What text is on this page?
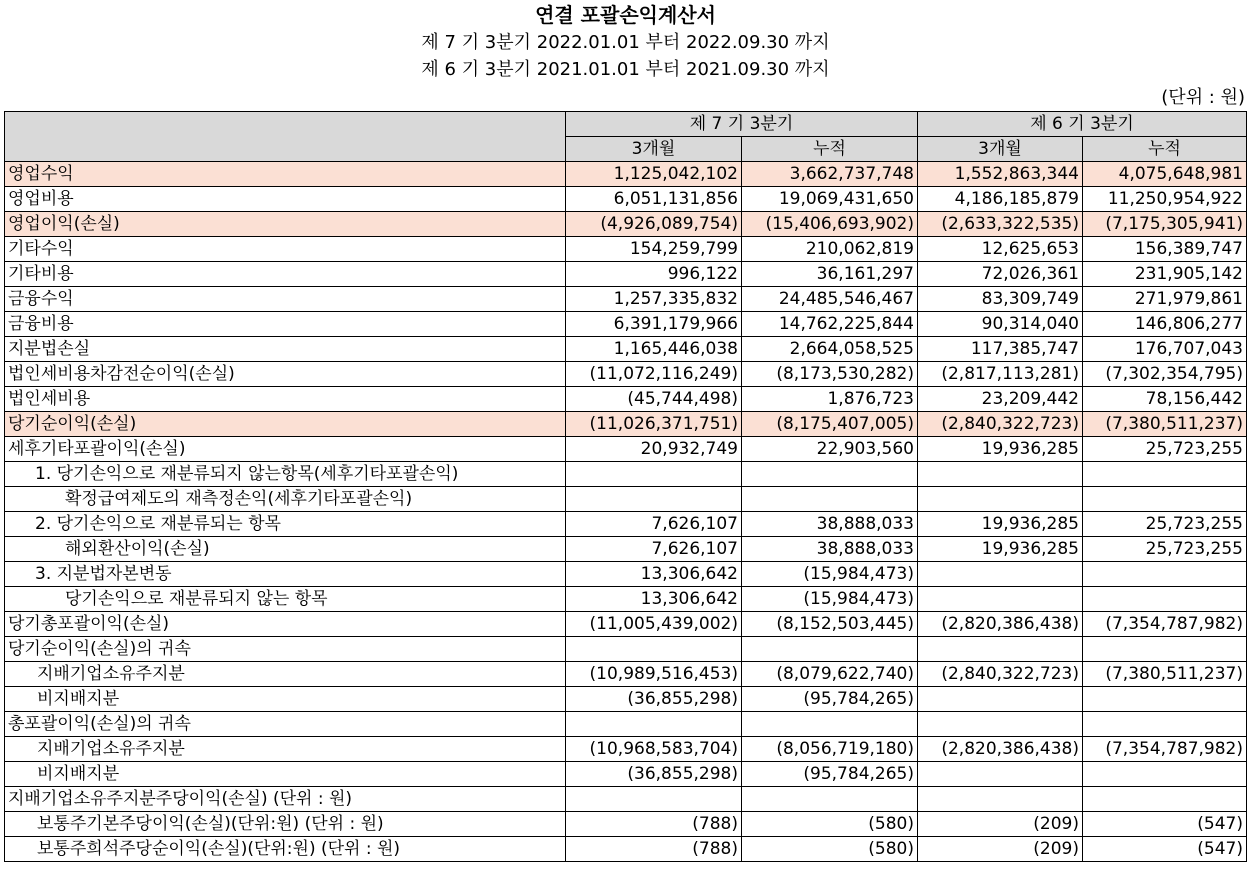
연결 포괄손익계산서
제 7 기 3분기 2022.01.01 부터 2022.09.30 까지
제 6 기 3분기 2021.01.01 부터 2021.09.30 까지
(단위 : 원)
	제 7 기 3분기		제 6 기 3분기	
	3개월	누적	3개월	누적
영업수익	1,125,042,102	3,662,737,748	1,552,863,344	4,075,648,981
영업비용	6,051,131,856	19,069,431,650	4,186,185,879	11,250,954,922
영업이익(손실)	(4,926,089,754)	(15,406,693,902)	(2,633,322,535)	(7,175,305,941)
기타수익	154,259,799	210,062,819	12,625,653	156,389,747
기타비용	996,122	36,161,297	72,026,361	231,905,142
금융수익	1,257,335,832	24,485,546,467	83,309,749	271,979,861
금융비용	6,391,179,966	14,762,225,844	90,314,040	146,806,277
지분법손실	1,165,446,038	2,664,058,525	117,385,747	176,707,043
법인세비용차감전순이익(손실)	(11,072,116,249)	(8,173,530,282)	(2,817,113,281)	(7,302,354,795)
법인세비용	(45,744,498)	1,876,723	23,209,442	78,156,442
당기순이익(손실)	(11,026,371,751)	(8,175,407,005)	(2,840,322,723)	(7,380,511,237)
세후기타포괄이익(손실)	20,932,749	22,903,560	19,936,285	25,723,255
1. 당기손익으로 재분류되지 않는항목(세후기타포괄손익)				
확정급여제도의 재측정손익(세후기타포괄손익)				
2. 당기손익으로 재분류되는 항목	7,626,107	38,888,033	19,936,285	25,723,255
해외환산이익(손실)	7,626,107	38,888,033	19,936,285	25,723,255
3. 지분법자본변동	13,306,642	(15,984,473)		
당기손익으로 재분류되지 않는 항목	13,306,642	(15,984,473)		
당기총포괄이익(손실)	(11,005,439,002)	(8,152,503,445)	(2,820,386,438)	(7,354,787,982)
당기순이익(손실)의 귀속				
지배기업소유주지분	(10,989,516,453)	(8,079,622,740)	(2,840,322,723)	(7,380,511,237)
비지배지분	(36,855,298)	(95,784,265)		
총포괄이익(손실)의 귀속				
지배기업소유주지분	(10,968,583,704)	(8,056,719,180)	(2,820,386,438)	(7,354,787,982)
비지배지분	(36,855,298)	(95,784,265)		
지배기업소유주지분주당이익(손실) (단위 : 원)				
보통주기본주당이익(손실)(단위:원) (단위 : 원)	(788)	(580)	(209)	(547)
보통주희석주당순이익(손실)(단위:원) (단위 : 원)	(788)	(580)	(209)	(547)
